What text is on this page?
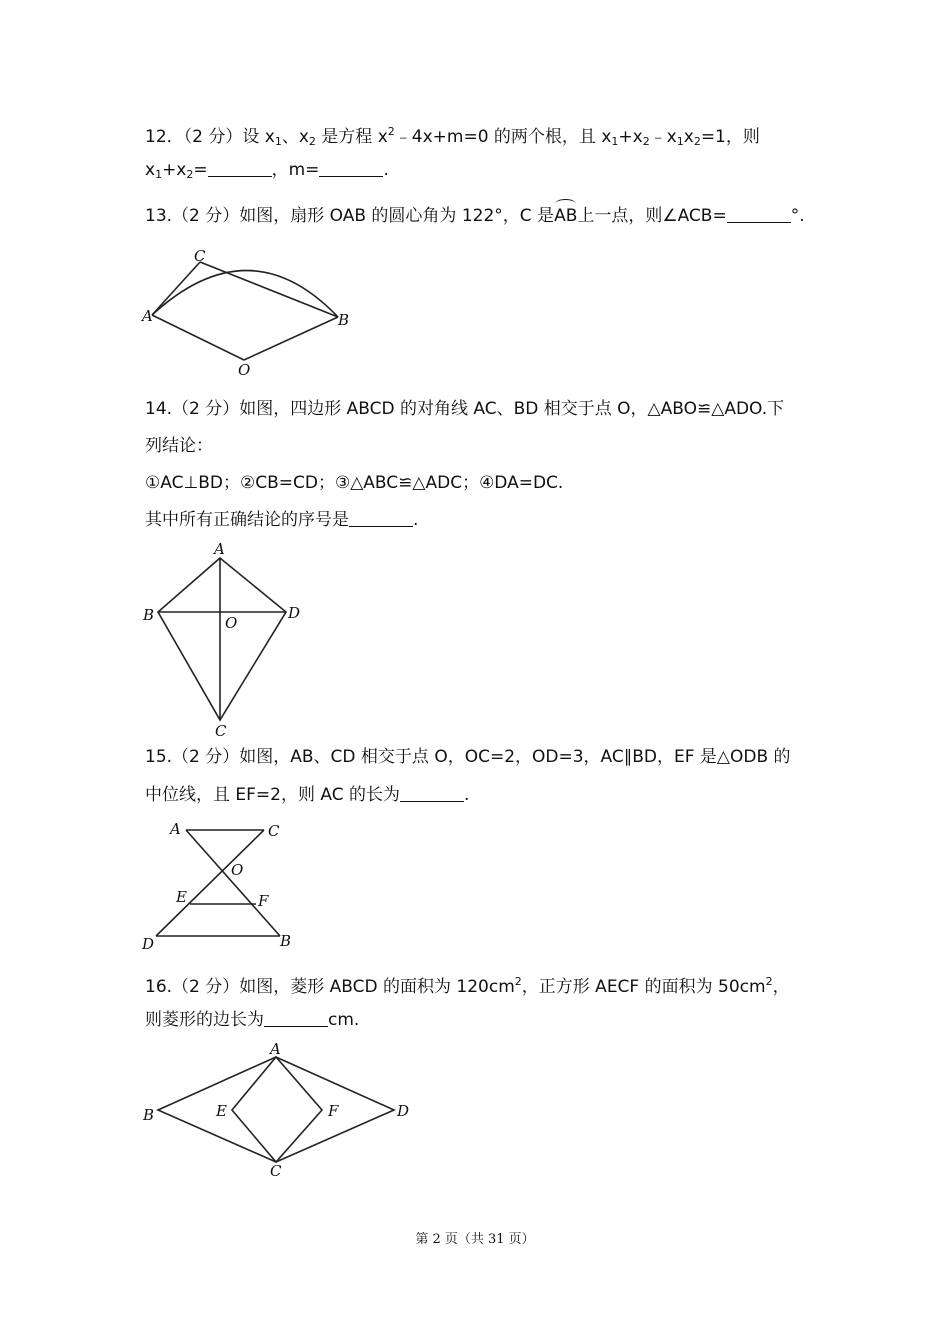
12．（2 分）设 $x_1$、$x_2$ 是方程 $x^2﹣4x+m=0$ 的两个根，且 $x_1+x_2﹣x_1x_2=1$，则
$x_1+x_2=$	，m=	.
13.（2 分）如图，扇形 OAB 的圆心角为 122°，C 是AB上一点，则∠ACB=	°.
C
A	B
O
14.（2 分）如图，四边形 ABCD 的对角线 AC、BD 相交于点 O，△ABO≌△ADO.下
列结论：
①AC⊥BD；②CB=CD；③△ABC≌△ADC；④DA=DC.
其中所有正确结论的序号是	.
A
B	O
D
C
15.（2 分）如图，AB、CD 相交于点 O，OC=2，OD=3，AC∥BD，EF 是△ODB 的
中位线，且 EF=2，则 AC 的长为	.
A	C
O
E	F
D	B
16.（2 分）如图，菱形 ABCD 的面积为 $120cm^2$，正方形 AECF 的面积为 $50cm^2$，
则菱形的边长为	cm.
A
B	E	F	D
C
第 2 页（共 31 页）
